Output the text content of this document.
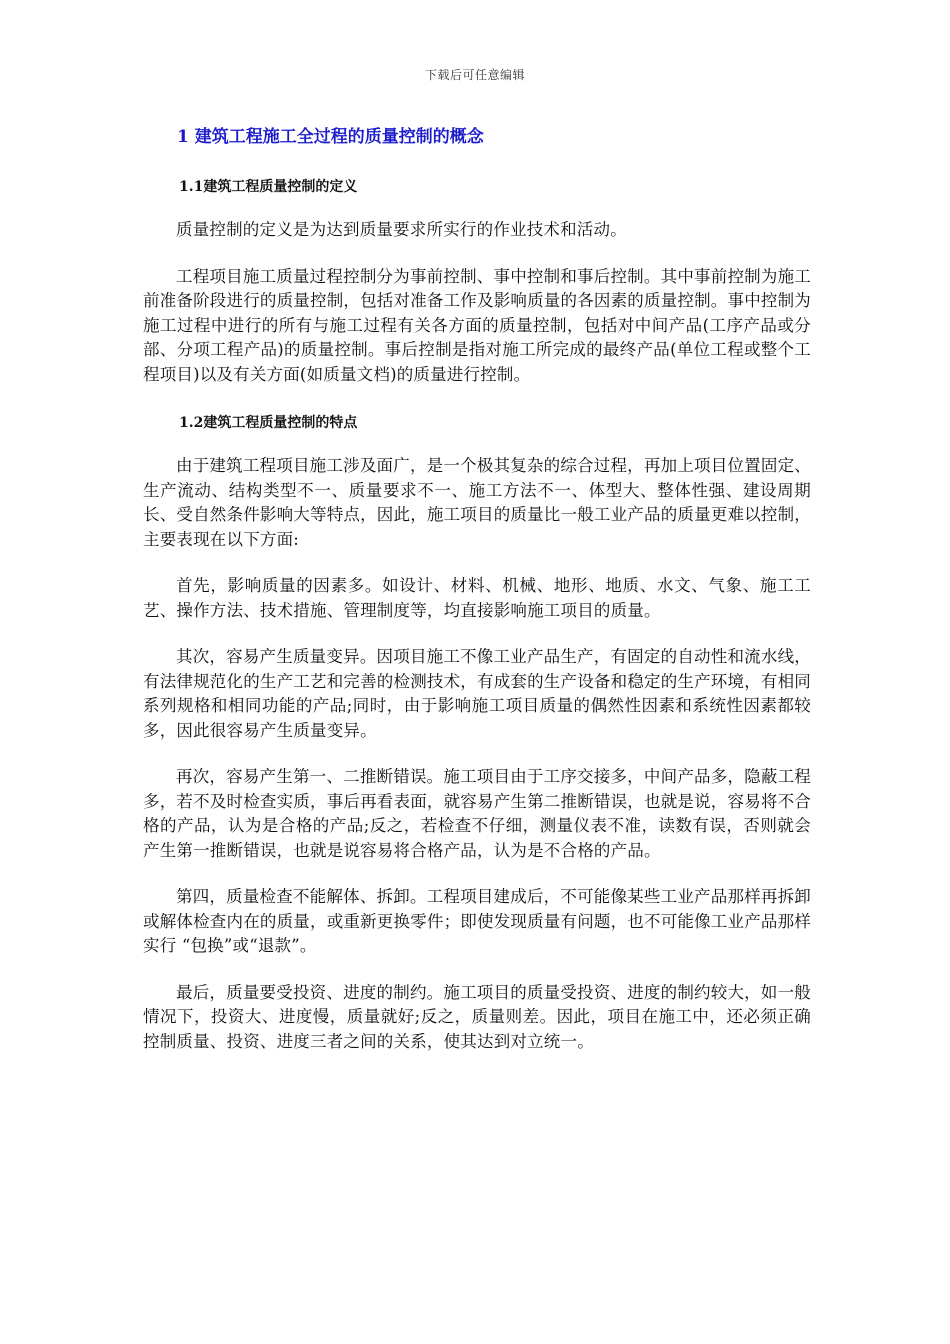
下载后可任意编辑
1 建筑工程施工全过程的质量控制的概念
1.1建筑工程质量控制的定义

质量控制的定义是为达到质量要求所实行的作业技术和活动。

工程项目施工质量过程控制分为事前控制、事中控制和事后控制。其中事前控制为施工前准备阶段进行的质量控制，包括对准备工作及影响质量的各因素的质量控制。事中控制为施工过程中进行的所有与施工过程有关各方面的质量控制，包括对中间产品(工序产品或分部、分项工程产品)的质量控制。事后控制是指对施工所完成的最终产品(单位工程或整个工程项目)以及有关方面(如质量文档)的质量进行控制。

1.2建筑工程质量控制的特点

由于建筑工程项目施工涉及面广，是一个极其复杂的综合过程，再加上项目位置固定、生产流动、结构类型不一、质量要求不一、施工方法不一、体型大、整体性强、建设周期长、受自然条件影响大等特点，因此，施工项目的质量比一般工业产品的质量更难以控制，主要表现在以下方面:

首先，影响质量的因素多。如设计、材料、机械、地形、地质、水文、气象、施工工艺、操作方法、技术措施、管理制度等，均直接影响施工项目的质量。

其次，容易产生质量变异。因项目施工不像工业产品生产，有固定的自动性和流水线，有法律规范化的生产工艺和完善的检测技术，有成套的生产设备和稳定的生产环境，有相同系列规格和相同功能的产品;同时，由于影响施工项目质量的偶然性因素和系统性因素都较多，因此很容易产生质量变异。

再次，容易产生第一、二推断错误。施工项目由于工序交接多，中间产品多，隐蔽工程多，若不及时检查实质，事后再看表面，就容易产生第二推断错误，也就是说，容易将不合格的产品，认为是合格的产品;反之，若检查不仔细，测量仪表不准，读数有误，否则就会产生第一推断错误，也就是说容易将合格产品，认为是不合格的产品。

第四，质量检查不能解体、拆卸。工程项目建成后，不可能像某些工业产品那样再拆卸或解体检查内在的质量，或重新更换零件；即使发现质量有问题，也不可能像工业产品那样实行 “包换”或“退款”。

最后，质量要受投资、进度的制约。施工项目的质量受投资、进度的制约较大，如一般情况下，投资大、进度慢，质量就好;反之，质量则差。因此，项目在施工中，还必须正确控制质量、投资、进度三者之间的关系，使其达到对立统一。
